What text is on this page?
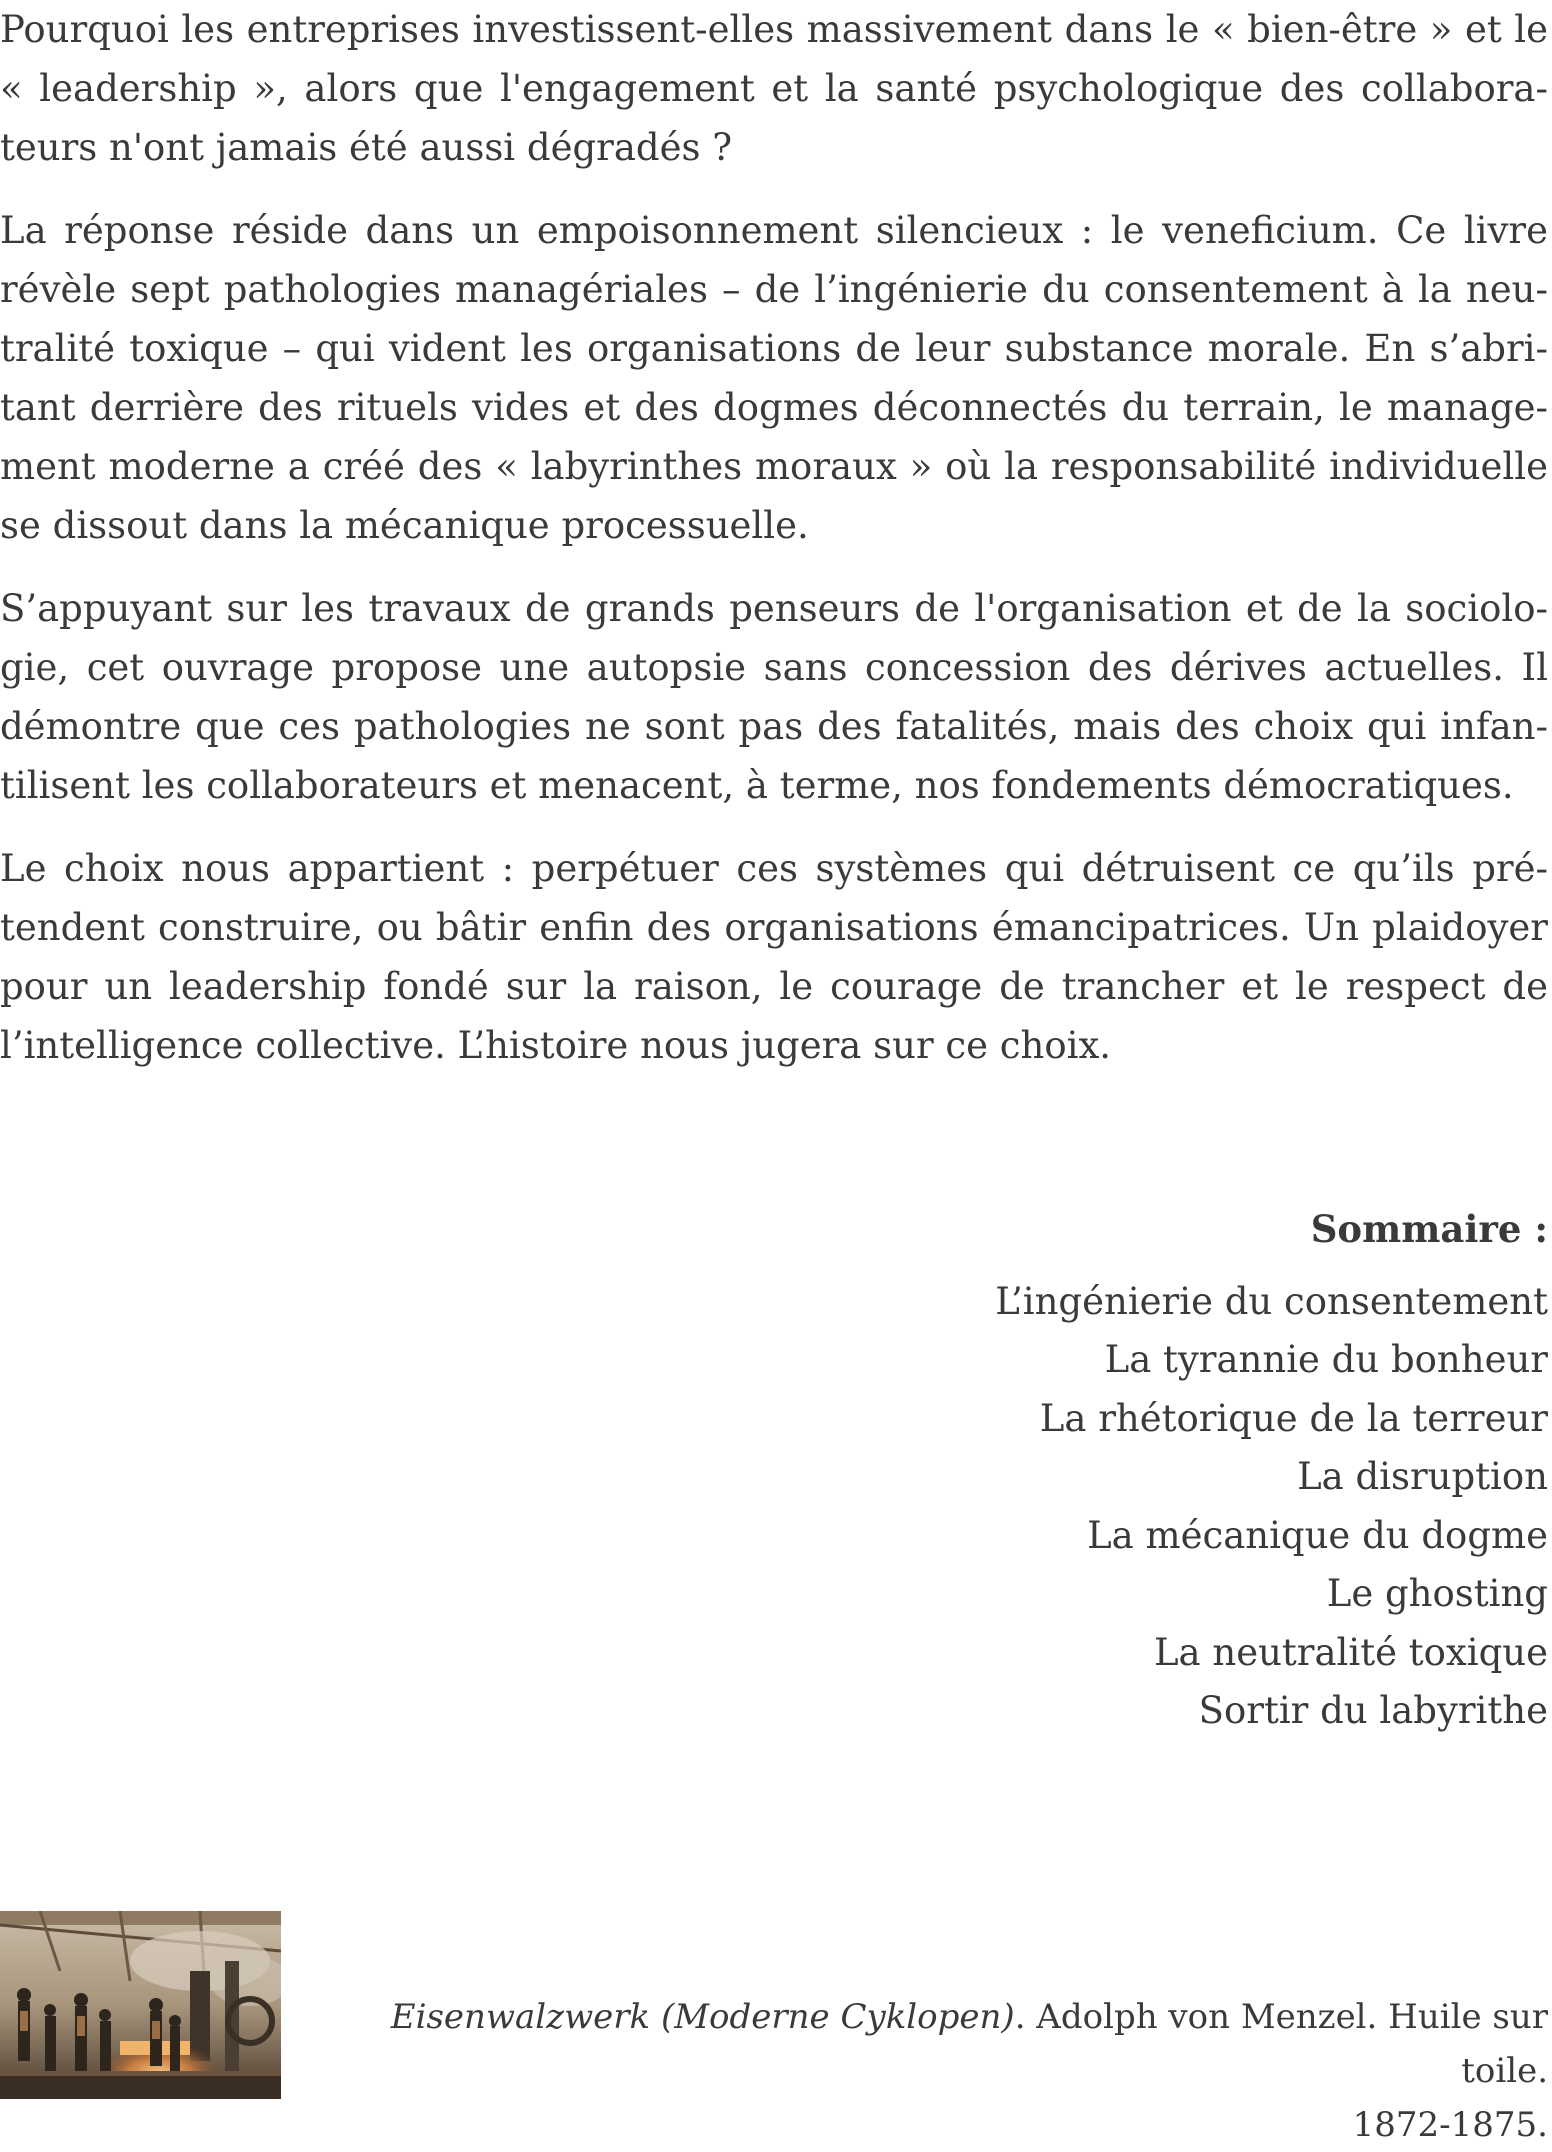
Pourquoi les entreprises investissent-elles massivement dans le « bien-être » et le « leadership », alors que l'engagement et la santé psychologique des collaborateurs n'ont jamais été aussi dégradés ?

La réponse réside dans un empoisonnement silencieux : le veneficium. Ce livre révèle sept pathologies managériales – de l’ingénierie du consentement à la neutralité toxique – qui vident les organisations de leur substance morale. En s’abritant derrière des rituels vides et des dogmes déconnectés du terrain, le management moderne a créé des « labyrinthes moraux » où la responsabilité individuelle se dissout dans la mécanique processuelle.

S’appuyant sur les travaux de grands penseurs de l'organisation et de la sociologie, cet ouvrage propose une autopsie sans concession des dérives actuelles. Il démontre que ces pathologies ne sont pas des fatalités, mais des choix qui infantilisent les collaborateurs et menacent, à terme, nos fondements démocratiques.

Le choix nous appartient : perpétuer ces systèmes qui détruisent ce qu’ils prétendent construire, ou bâtir enfin des organisations émancipatrices. Un plaidoyer pour un leadership fondé sur la raison, le courage de trancher et le respect de l’intelligence collective. L’histoire nous jugera sur ce choix.

Sommaire :
L’ingénierie du consentement
La tyrannie du bonheur
La rhétorique de la terreur
La disruption
La mécanique du dogme
Le ghosting
La neutralité toxique
Sortir du labyrithe
Eisenwalzwerk (Moderne Cyklopen). Adolph von Menzel. Huile sur toile.
1872-1875.
